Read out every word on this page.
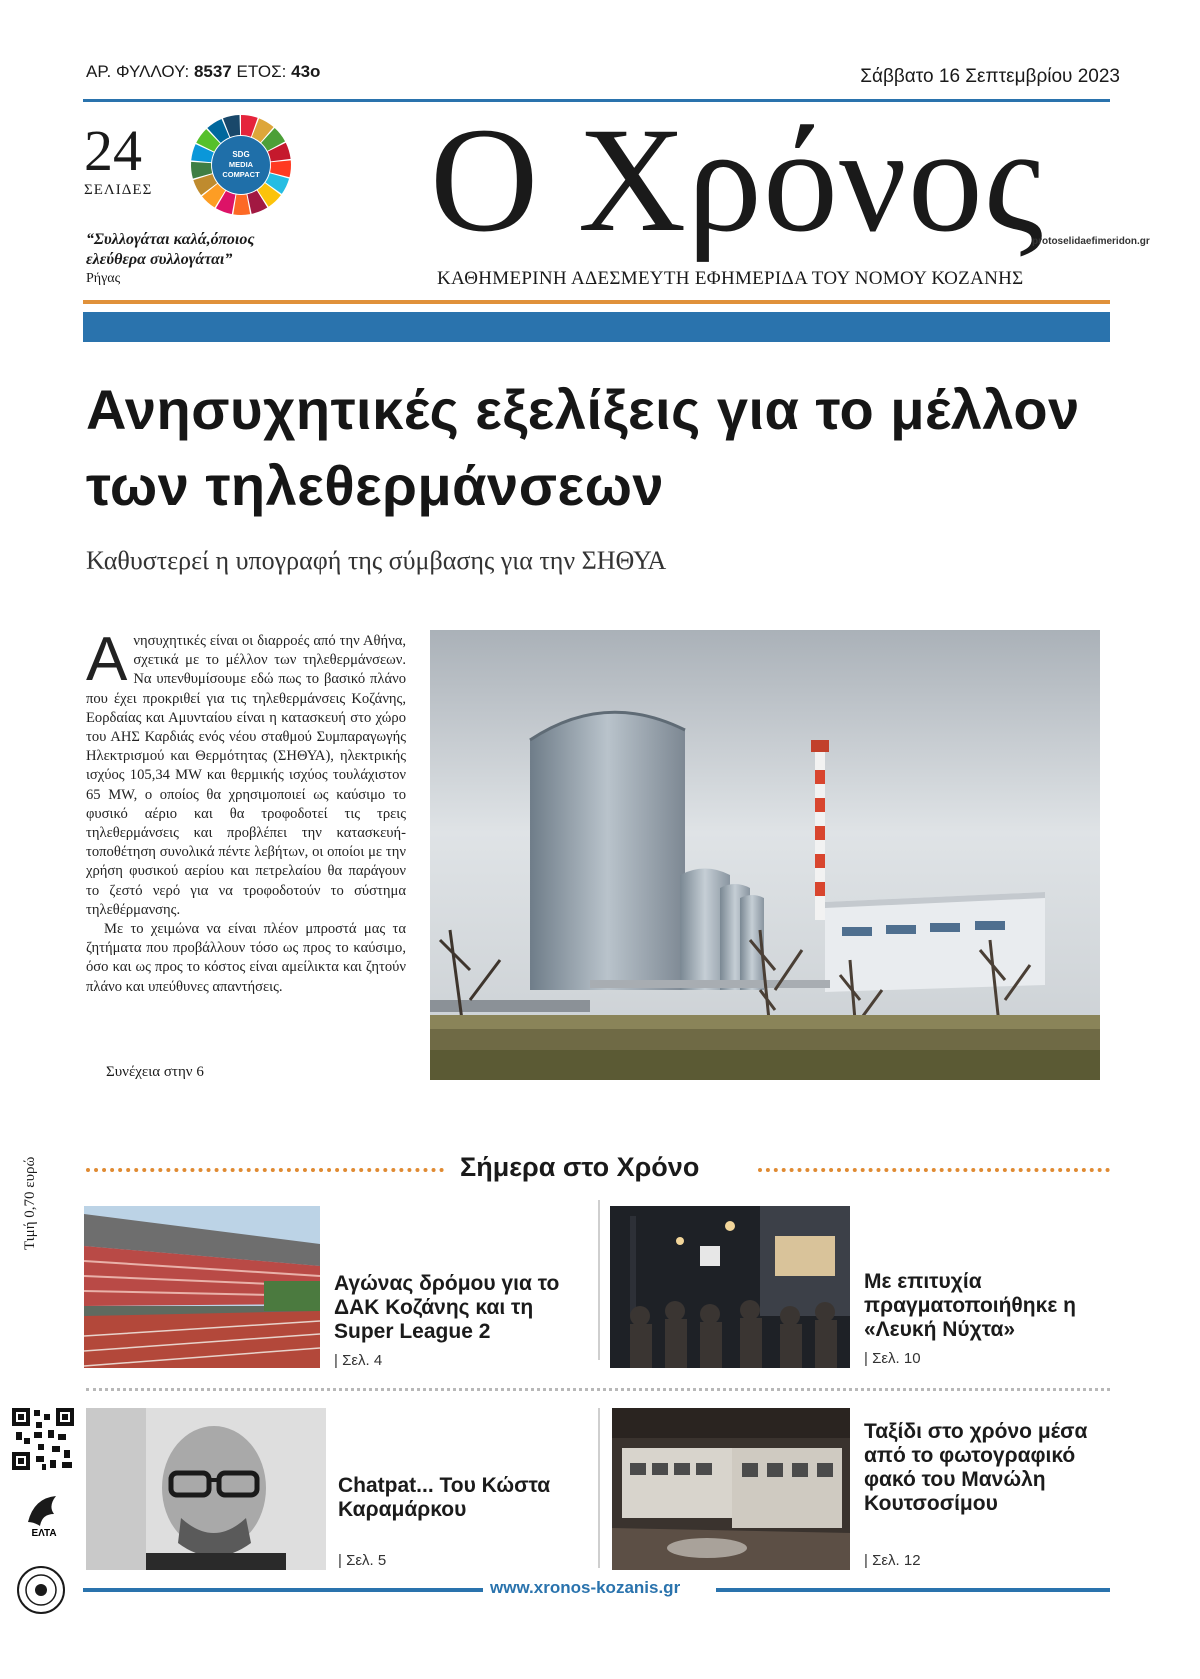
ΑΡ. ΦΥΛΛΟΥ: 8537 ΕΤΟΣ: 43ο	Σάββατο 16 Σεπτεμβρίου 2023
24
ΣΕΛΙΔΕΣ
SDG
MEDIA
COMPACT
“Συλλογάται καλά,όποιος ελεύθερα συλλογάται”
Ρήγας
Ο Χρόνος
protoselidaefimeridon.gr
ΚΑΘΗΜΕΡΙΝΗ ΑΔΕΣΜΕΥΤΗ ΕΦΗΜΕΡΙΔΑ ΤΟΥ ΝΟΜΟΥ ΚΟΖΑΝΗΣ
Ανησυχητικές εξελίξεις για το μέλλον των τηλεθερμάνσεων
Καθυστερεί η υπογραφή της σύμβασης για την ΣΗΘΥΑ

Ανησυχητικές είναι οι διαρροές από την Αθήνα, σχετικά με το μέλλον των τηλεθερμάνσεων. Να υπενθυμίσουμε εδώ πως το βασικό πλάνο που έχει προκριθεί για τις τηλεθερμάνσεις Κοζάνης, Εορδαίας και Αμυνταίου είναι η κατασκευή στο χώρο του ΑΗΣ Καρδιάς ενός νέου σταθμού Συμπαραγωγής Ηλεκτρισμού και Θερμότητας (ΣΗΘΥΑ), ηλεκτρικής ισχύος 105,34 MW και θερμικής ισχύος τουλάχιστον 65 MW, ο οποίος θα χρησιμοποιεί ως καύσιμο το φυσικό αέριο και θα τροφοδοτεί τις τρεις τηλεθερμάνσεις και προβλέπει την κατασκευή-τοποθέτηση συνολικά πέντε λεβήτων, οι οποίοι με την χρήση φυσικού αερίου και πετρελαίου θα παράγουν το ζεστό νερό για να τροφοδοτούν το σύστημα τηλεθέρμανσης.

Με το χειμώνα να είναι πλέον μπροστά μας τα ζητήματα που προβάλλουν τόσο ως προς το καύσιμο, όσο και ως προς το κόστος είναι αμείλικτα και ζητούν πλάνο και υπεύθυνες απαντήσεις.

Συνέχεια στην 6
Σήμερα στο Χρόνο
Αγώνας δρόμου για το ΔΑΚ Κοζάνης και τη Super League 2
| Σελ. 4
Με επιτυχία πραγματοποιήθηκε η «Λευκή Νύχτα»
| Σελ. 10
Chatpat... Του Κώστα Καραμάρκου
| Σελ. 5
Ταξίδι στο χρόνο μέσα από το φωτογραφικό φακό του Μανώλη Κουτσοσίμου
| Σελ. 12
Τιμή 0,70 ευρώ
ΕΛΤΑ
www.xronos-kozanis.gr
